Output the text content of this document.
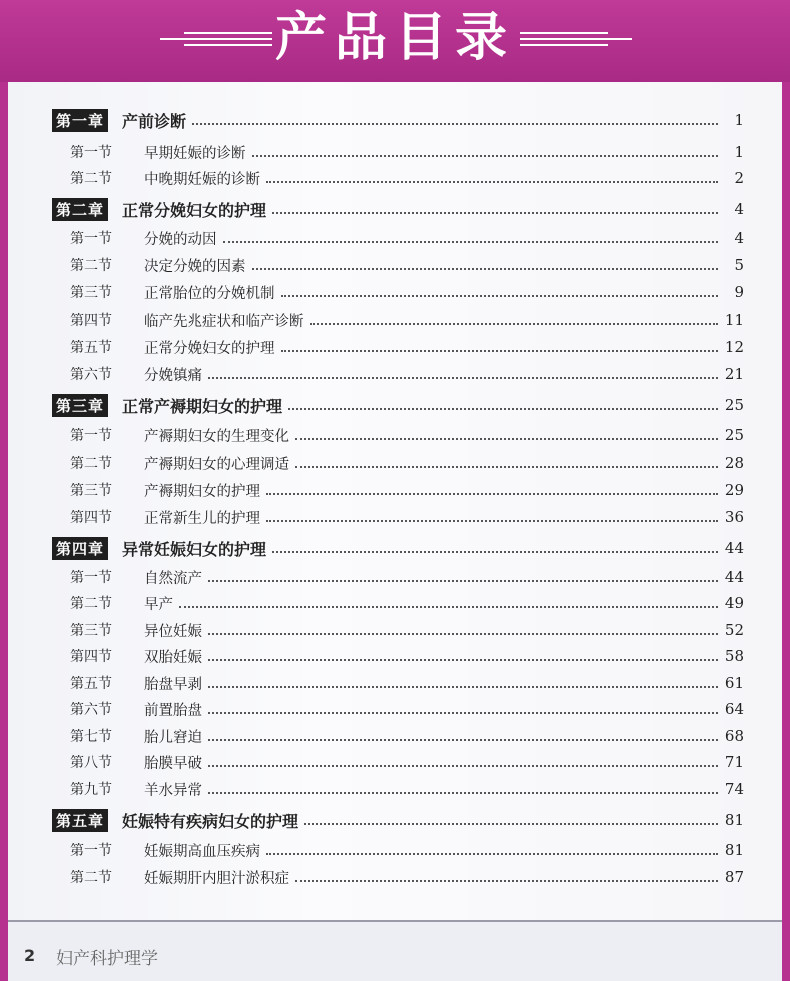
产品目录
第一章 产前诊断	1
第一节	早期妊娠的诊断	1
第二节	中晚期妊娠的诊断	2
第二章 正常分娩妇女的护理	4
第一节	分娩的动因	4
第二节	决定分娩的因素	5
第三节	正常胎位的分娩机制	9
第四节	临产先兆症状和临产诊断	11
第五节	正常分娩妇女的护理	12
第六节	分娩镇痛	21
第三章 正常产褥期妇女的护理	25
第一节	产褥期妇女的生理变化	25
第二节	产褥期妇女的心理调适	28
第三节	产褥期妇女的护理	29
第四节	正常新生儿的护理	36
第四章 异常妊娠妇女的护理	44
第一节	自然流产	44
第二节	早产	49
第三节	异位妊娠	52
第四节	双胎妊娠	58
第五节	胎盘早剥	61
第六节	前置胎盘	64
第七节	胎儿窘迫	68
第八节	胎膜早破	71
第九节	羊水异常	74
第五章 妊娠特有疾病妇女的护理	81
第一节	妊娠期高血压疾病	81
第二节	妊娠期肝内胆汁淤积症	87
2 妇产科护理学
